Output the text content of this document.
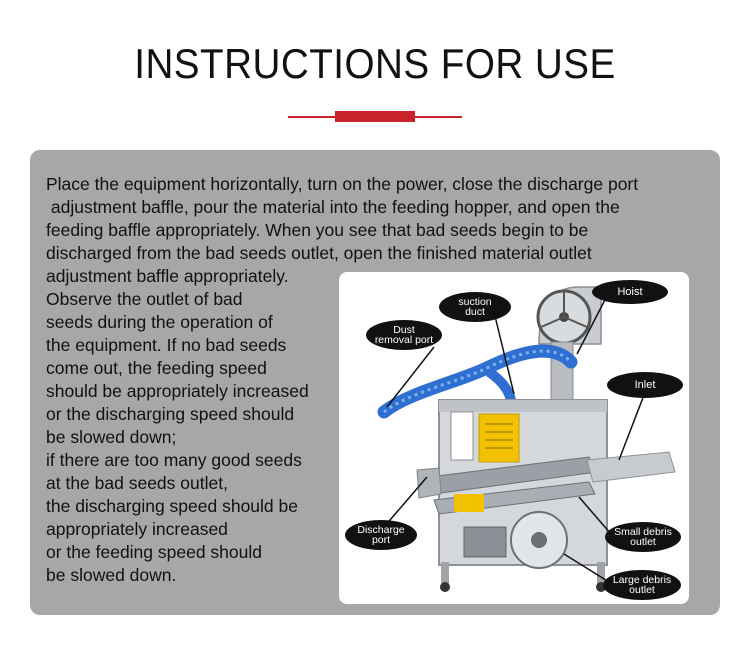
INSTRUCTIONS FOR USE
Place the equipment horizontally, turn on the power, close the discharge port
adjustment baffle, pour the material into the feeding hopper, and open the
feeding baffle appropriately. When you see that bad seeds begin to be
discharged from the bad seeds outlet, open the finished material outlet
adjustment baffle appropriately.
Observe the outlet of bad
seeds during the operation of
the equipment. If no bad seeds
come out, the feeding speed
should be appropriately increased
or the discharging speed should
be slowed down;
if there are too many good seeds
at the bad seeds outlet,
the discharging speed should be
appropriately increased
or the feeding speed should
be slowed down.
suction
duct
Hoist
Dust
removal port
Inlet
Discharge
port
Small debris
outlet
Large debris
outlet
